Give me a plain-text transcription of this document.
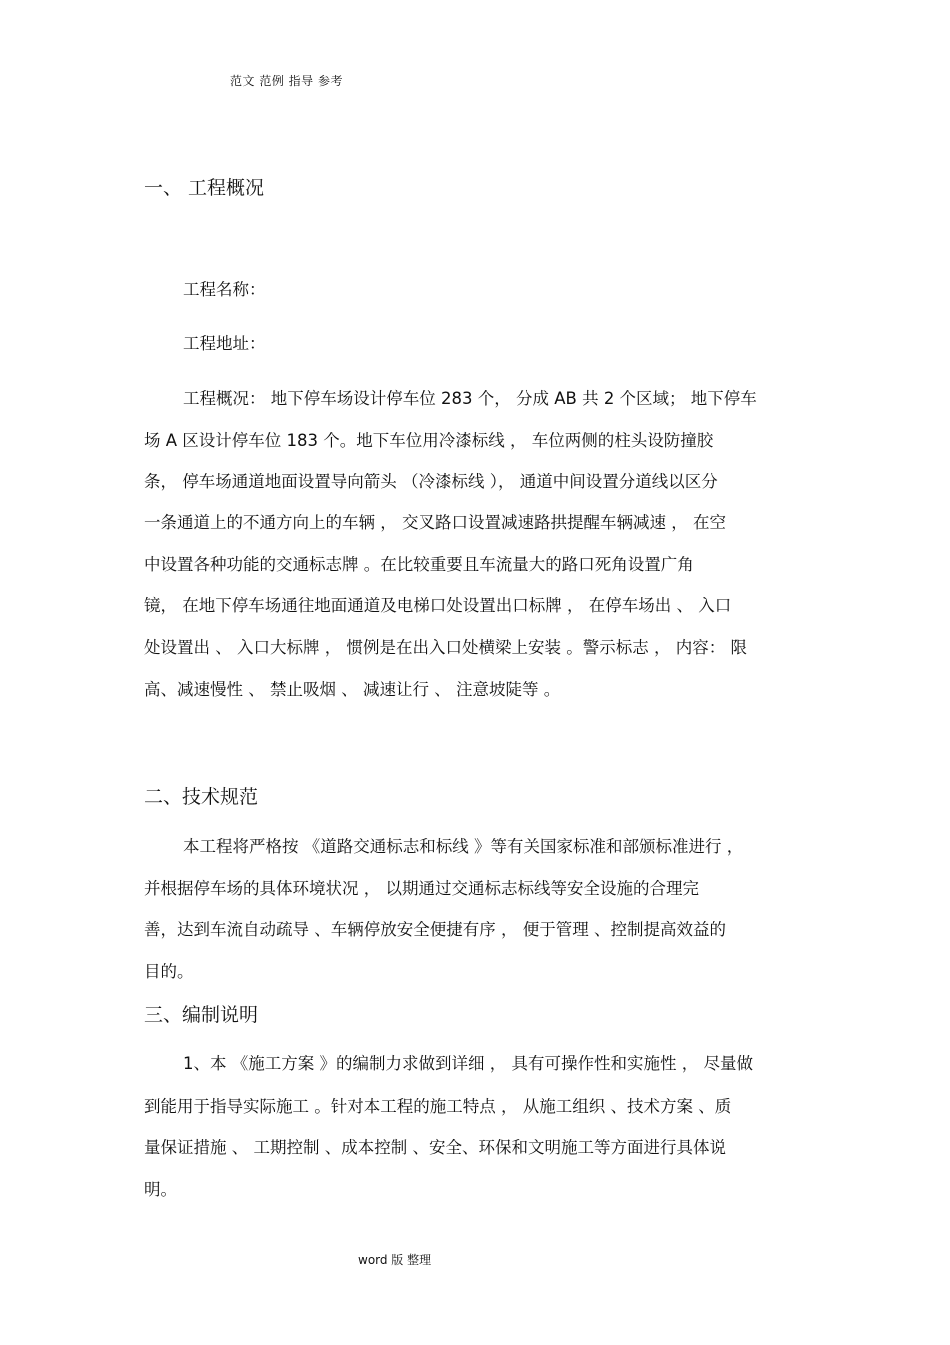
范文 范例 指导 参考
一、 工程概况
工程名称：
工程地址：
工程概况： 地下停车场设计停车位 283 个， 分成 AB 共 2 个区域； 地下停车
场 A 区设计停车位 183 个。地下车位用冷漆标线 ， 车位两侧的柱头设防撞胶
条， 停车场通道地面设置导向箭头 （冷漆标线 ）， 通道中间设置分道线以区分
一条通道上的不通方向上的车辆 ， 交叉路口设置减速路拱提醒车辆减速 ， 在空
中设置各种功能的交通标志牌 。在比较重要且车流量大的路口死角设置广角
镜， 在地下停车场通往地面通道及电梯口处设置出口标牌 ， 在停车场出 、 入口
处设置出 、 入口大标牌 ， 惯例是在出入口处横梁上安装 。警示标志 ， 内容： 限
高、减速慢性 、 禁止吸烟 、 减速让行 、 注意坡陡等 。
二、技术规范
本工程将严格按 《道路交通标志和标线 》等有关国家标准和部颁标准进行 ，
并根据停车场的具体环境状况 ， 以期通过交通标志标线等安全设施的合理完
善，达到车流自动疏导 、车辆停放安全便捷有序 ， 便于管理 、控制提高效益的
目的。
三、编制说明
1、本 《施工方案 》的编制力求做到详细 ， 具有可操作性和实施性 ， 尽量做
到能用于指导实际施工 。针对本工程的施工特点 ， 从施工组织 、技术方案 、质
量保证措施 、 工期控制 、成本控制 、安全、环保和文明施工等方面进行具体说
明。
word 版 整理
